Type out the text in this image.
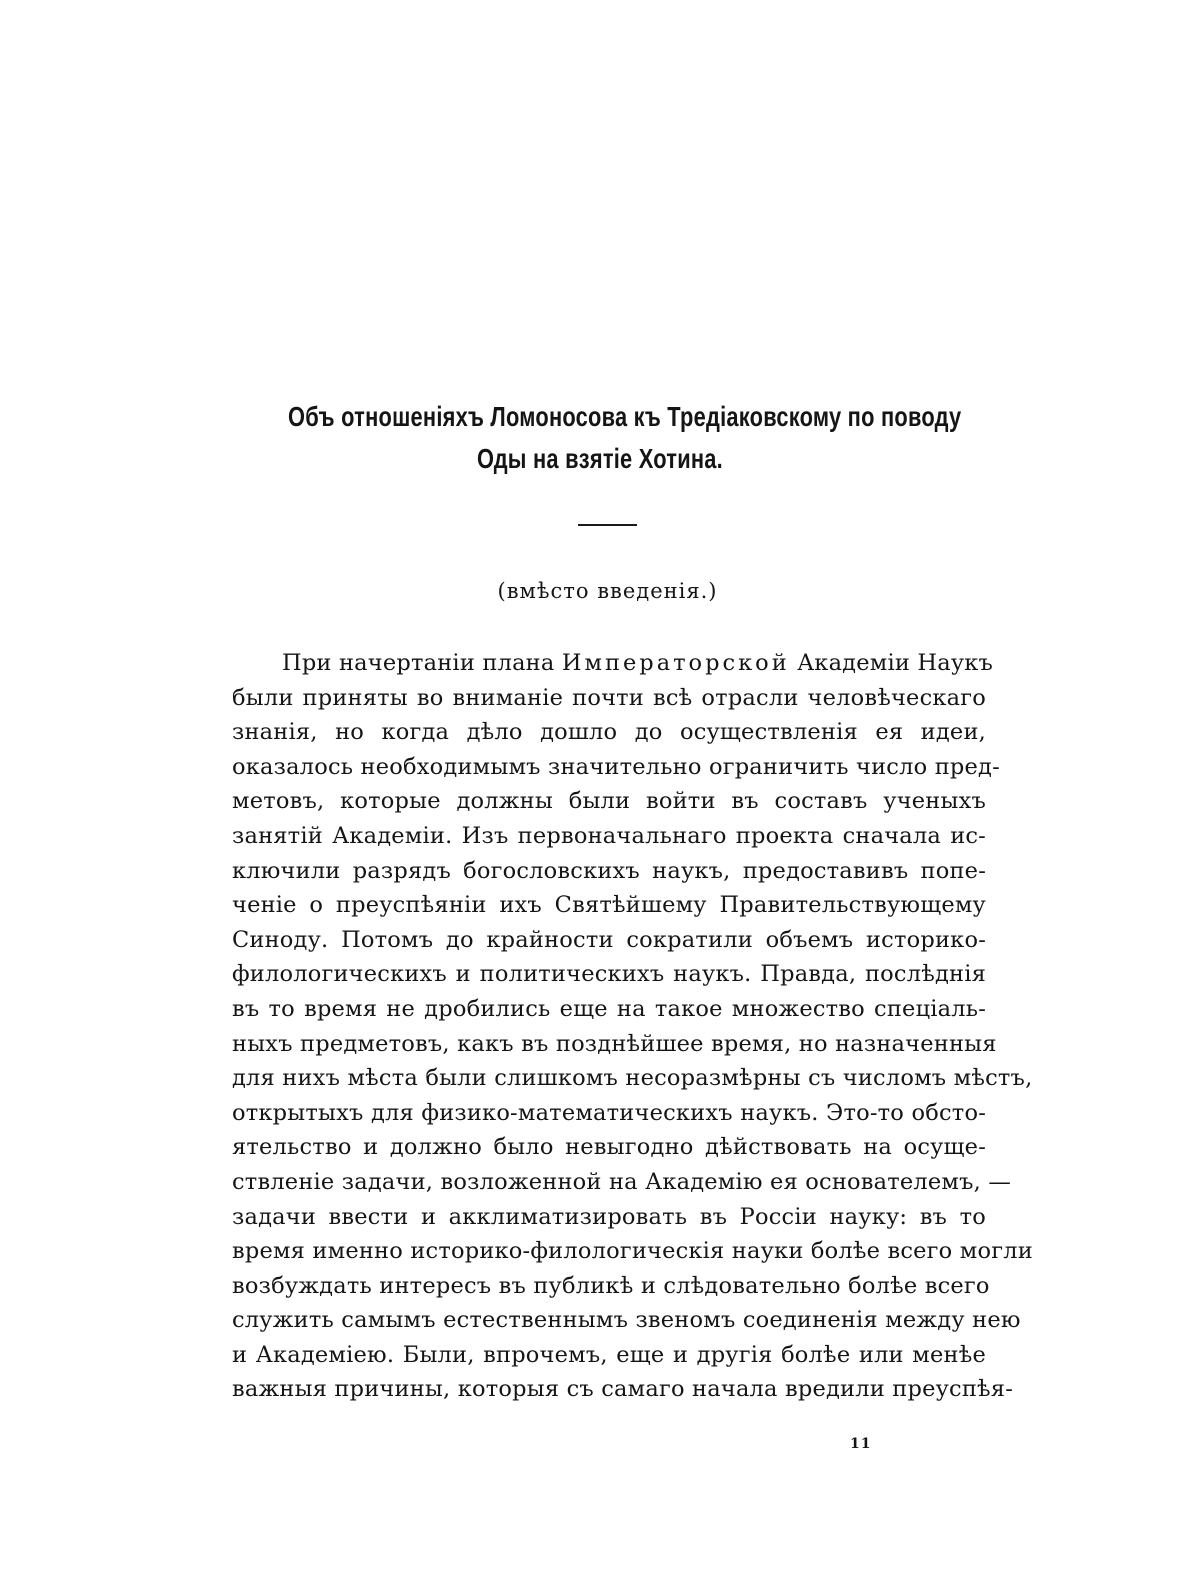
Объ отношеніяхъ Ломоносова къ Тредіаковскому по поводу
Оды на взятіе Хотина.
(вмѣсто введенія.)
При начертаніи плана Императорской Академіи Наукъ
были приняты во вниманіе почти всѣ отрасли человѣческаго
знанія, но когда дѣло дошло до осуществленія ея идеи,
оказалось необходимымъ значительно ограничить число пред-
метовъ, которые должны были войти въ составъ ученыхъ
занятій Академіи. Изъ первоначальнаго проекта сначала ис-
ключили разрядъ богословскихъ наукъ, предоставивъ попе-
ченіе о преуспѣяніи ихъ Святѣйшему Правительствующему
Синоду. Потомъ до крайности сократили объемъ историко-
филологическихъ и политическихъ наукъ. Правда, послѣднія
въ то время не дробились еще на такое множество спеціаль-
ныхъ предметовъ, какъ въ позднѣйшее время, но назначенныя
для нихъ мѣста были слишкомъ несоразмѣрны съ числомъ мѣстъ,
открытыхъ для физико-математическихъ наукъ. Это-то обсто-
ятельство и должно было невыгодно дѣйствовать на осуще-
ствленіе задачи, возложенной на Академію ея основателемъ, —
задачи ввести и акклиматизировать въ Россіи науку: въ то
время именно историко-филологическія науки болѣе всего могли
возбуждать интересъ въ публикѣ и слѣдовательно болѣе всего
служить самымъ естественнымъ звеномъ соединенія между нею
и Академіею. Были, впрочемъ, еще и другія болѣе или менѣе
важныя причины, которыя съ самаго начала вредили преуспѣя-
11
